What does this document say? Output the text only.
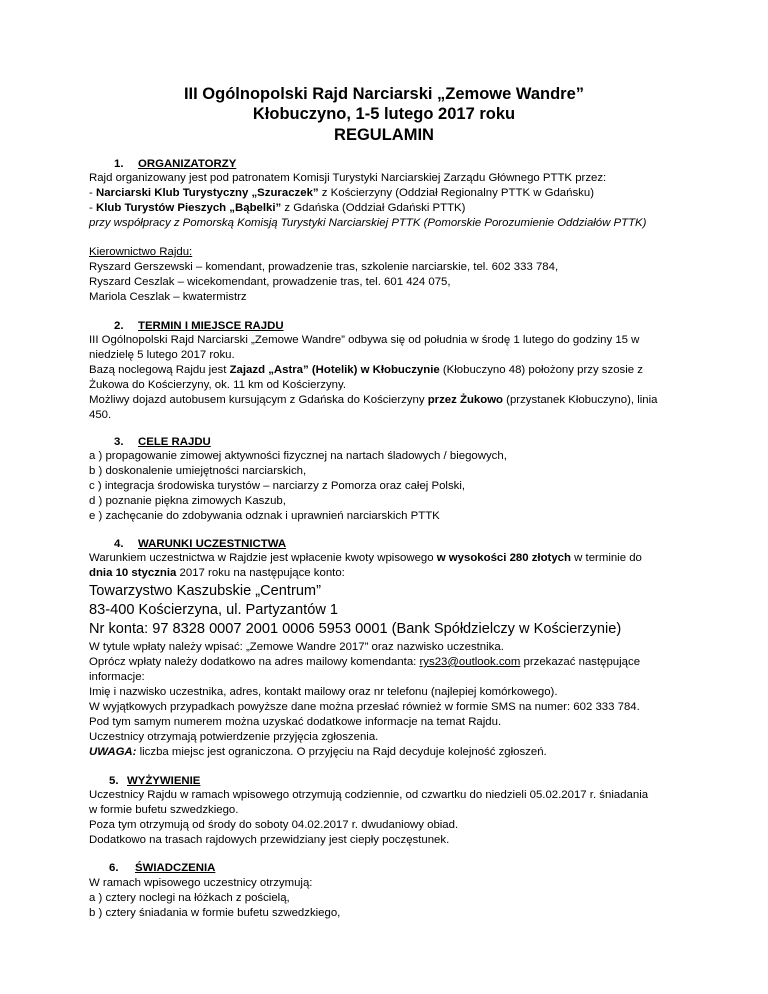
III Ogólnopolski Rajd Narciarski „Zemowe Wandre”
Kłobuczyno, 1-5 lutego 2017 roku
REGULAMIN
1. ORGANIZATORZY
Rajd organizowany jest pod patronatem Komisji Turystyki Narciarskiej Zarządu Głównego PTTK przez:
- Narciarski Klub Turystyczny „Szuraczek” z Kościerzyny (Oddział Regionalny PTTK w Gdańsku)
- Klub Turystów Pieszych „Bąbelki” z Gdańska (Oddział Gdański PTTK)
przy współpracy z Pomorską Komisją Turystyki Narciarskiej PTTK (Pomorskie Porozumienie Oddziałów PTTK)
Kierownictwo Rajdu:
Ryszard Gerszewski – komendant, prowadzenie tras, szkolenie narciarskie, tel. 602 333 784,
Ryszard Ceszlak – wicekomendant, prowadzenie tras, tel. 601 424 075,
Mariola Ceszlak – kwatermistrz
2. TERMIN I MIEJSCE RAJDU
III Ogólnopolski Rajd Narciarski „Zemowe Wandre” odbywa się od południa w środę 1 lutego do godziny 15 w
niedzielę 5 lutego 2017 roku.
Bazą noclegową Rajdu jest Zajazd „Astra” (Hotelik) w Kłobuczynie (Kłobuczyno 48) położony przy szosie z
Żukowa do Kościerzyny, ok. 11 km od Kościerzyny.
Możliwy dojazd autobusem kursującym z Gdańska do Kościerzyny przez Żukowo (przystanek Kłobuczyno), linia
450.
3. CELE RAJDU
a ) propagowanie zimowej aktywności fizycznej na nartach śladowych / biegowych,
b ) doskonalenie umiejętności narciarskich,
c ) integracja środowiska turystów – narciarzy z Pomorza oraz całej Polski,
d ) poznanie piękna zimowych Kaszub,
e ) zachęcanie do zdobywania odznak i uprawnień narciarskich PTTK
4. WARUNKI UCZESTNICTWA
Warunkiem uczestnictwa w Rajdzie jest wpłacenie kwoty wpisowego w wysokości 280 złotych w terminie do
dnia 10 stycznia 2017 roku na następujące konto:
Towarzystwo Kaszubskie „Centrum”
83-400 Kościerzyna, ul. Partyzantów 1
Nr konta: 97 8328 0007 2001 0006 5953 0001 (Bank Spółdzielczy w Kościerzynie)
W tytule wpłaty należy wpisać: „Zemowe Wandre 2017” oraz nazwisko uczestnika.
Oprócz wpłaty należy dodatkowo na adres mailowy komendanta: rys23@outlook.com przekazać następujące
informacje:
Imię i nazwisko uczestnika, adres, kontakt mailowy oraz nr telefonu (najlepiej komórkowego).
W wyjątkowych przypadkach powyższe dane można przesłać również w formie SMS na numer: 602 333 784.
Pod tym samym numerem można uzyskać dodatkowe informacje na temat Rajdu.
Uczestnicy otrzymają potwierdzenie przyjęcia zgłoszenia.
UWAGA: liczba miejsc jest ograniczona. O przyjęciu na Rajd decyduje kolejność zgłoszeń.
5. WYŻYWIENIE
Uczestnicy Rajdu w ramach wpisowego otrzymują codziennie, od czwartku do niedzieli 05.02.2017 r. śniadania
w formie bufetu szwedzkiego.
Poza tym otrzymują od środy do soboty 04.02.2017 r. dwudaniowy obiad.
Dodatkowo na trasach rajdowych przewidziany jest ciepły poczęstunek.
6. ŚWIADCZENIA
W ramach wpisowego uczestnicy otrzymują:
a ) cztery noclegi na łóżkach z pościelą,
b ) cztery śniadania w formie bufetu szwedzkiego,
